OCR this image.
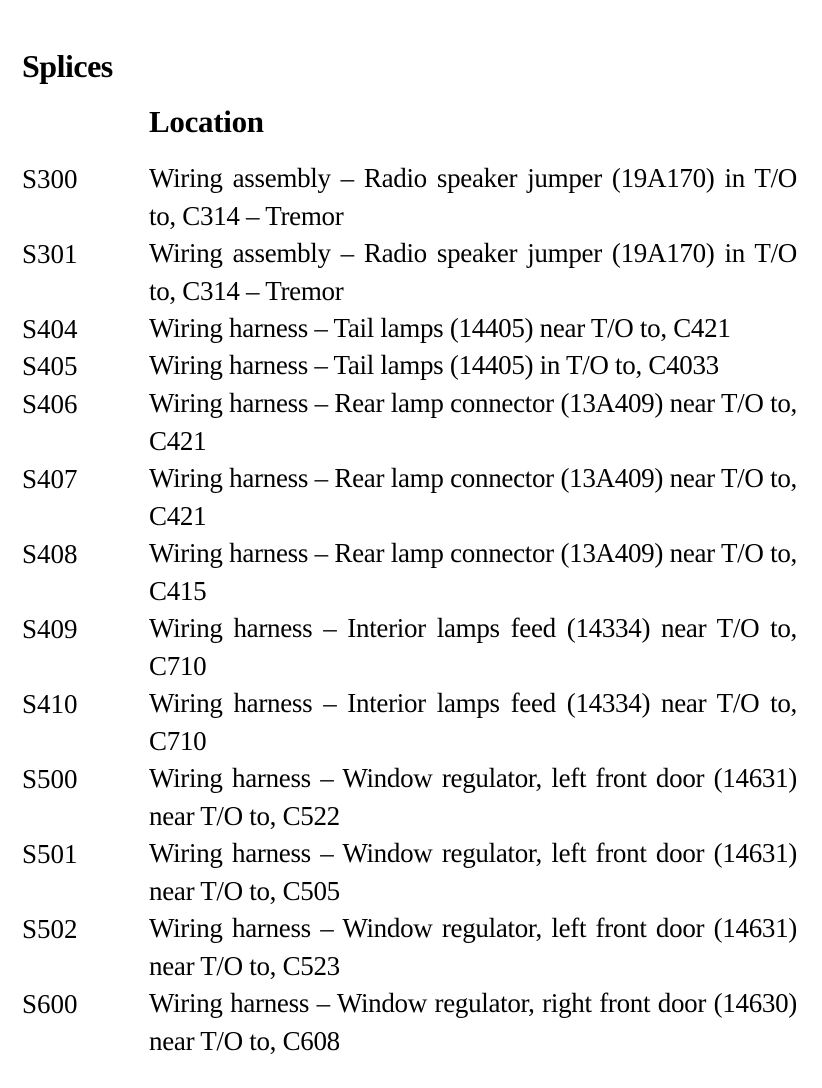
Splices
Location
S300	Wiring assembly – Radio speaker jumper (19A170) in T/O to, C314 – Tremor
S301	Wiring assembly – Radio speaker jumper (19A170) in T/O to, C314 – Tremor
S404	Wiring harness – Tail lamps (14405) near T/O to, C421
S405	Wiring harness – Tail lamps (14405) in T/O to, C4033
S406	Wiring harness – Rear lamp connector (13A409) near T/O to, C421
S407	Wiring harness – Rear lamp connector (13A409) near T/O to, C421
S408	Wiring harness – Rear lamp connector (13A409) near T/O to, C415
S409	Wiring harness – Interior lamps feed (14334) near T/O to, C710
S410	Wiring harness – Interior lamps feed (14334) near T/O to, C710
S500	Wiring harness – Window regulator, left front door (14631) near T/O to, C522
S501	Wiring harness – Window regulator, left front door (14631) near T/O to, C505
S502	Wiring harness – Window regulator, left front door (14631) near T/O to, C523
S600	Wiring harness – Window regulator, right front door (14630) near T/O to, C608
